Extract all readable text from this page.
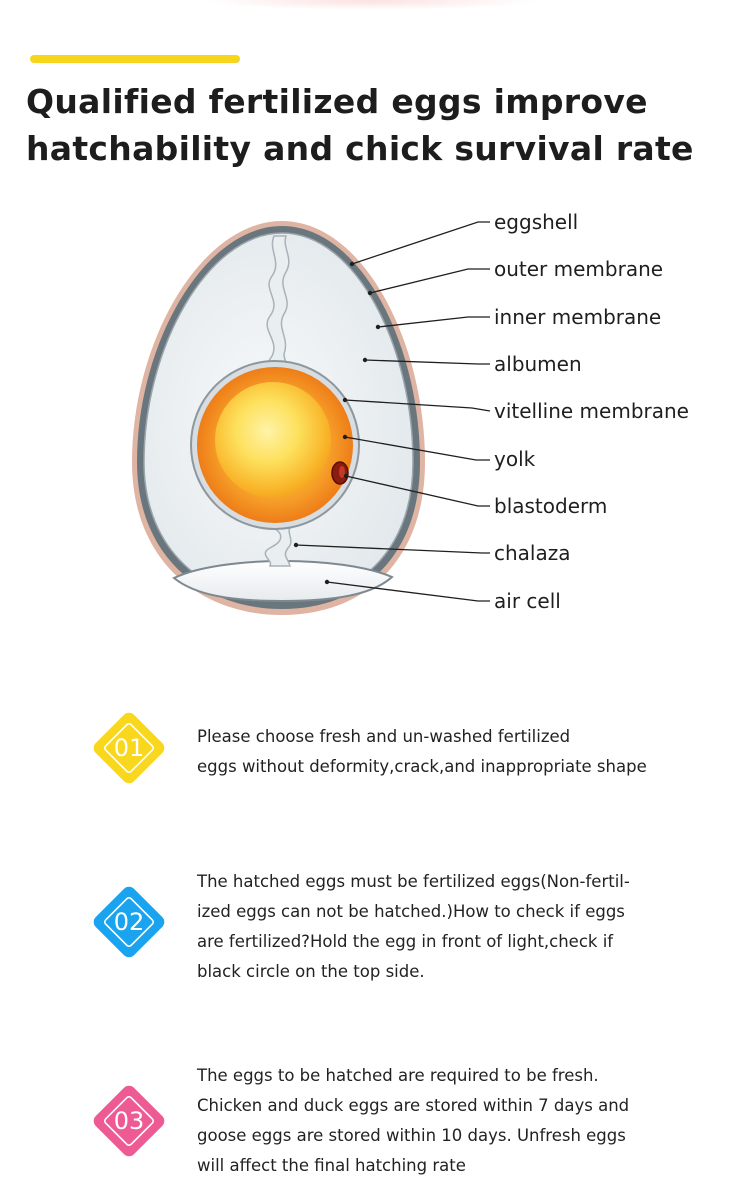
Qualified fertilized eggs improve
hatchability and chick survival rate
eggshell
outer membrane
inner membrane
albumen
vitelline membrane
yolk
blastoderm
chalaza
air cell
01	Please choose fresh and un-washed fertilized
eggs without deformity,crack,and inappropriate shape

02

The hatched eggs must be fertilized eggs(Non-fertil-
ized eggs can not be hatched.)How to check if eggs
are fertilized?Hold the egg in front of light,check if
black circle on the top side.

03

The eggs to be hatched are required to be fresh.
Chicken and duck eggs are stored within 7 days and
goose eggs are stored within 10 days. Unfresh eggs
will affect the final hatching rate
